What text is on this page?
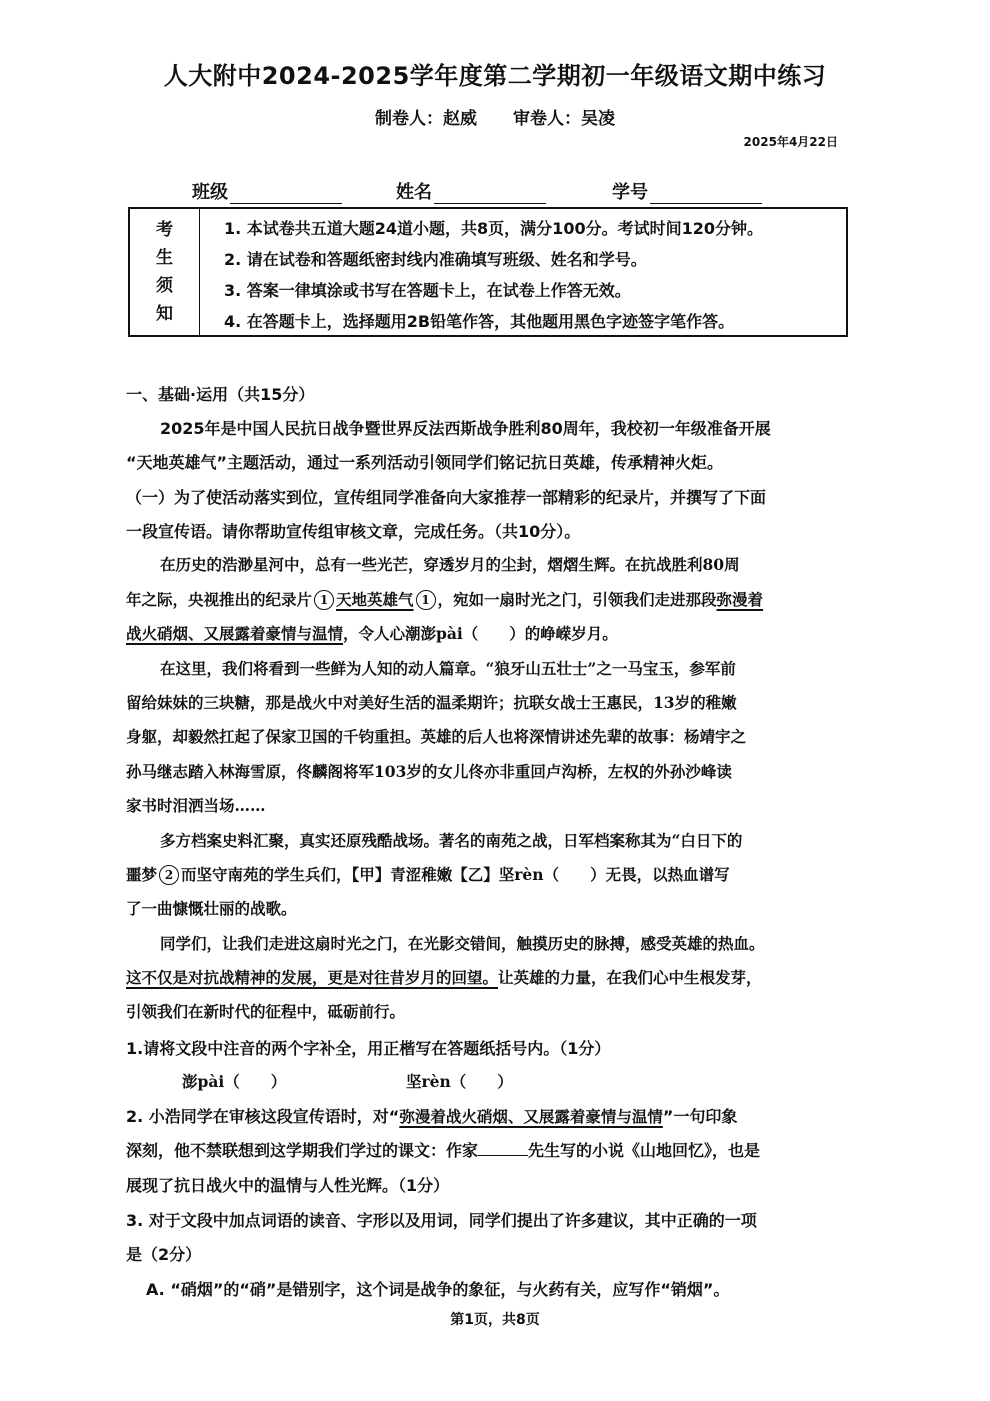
人大附中2024-2025学年度第二学期初一年级语文期中练习
制卷人：赵威 审卷人：吴凌
2025年4月22日
班级	姓名	学号
考
生
须
知
1. 本试卷共五道大题24道小题，共8页，满分100分。考试时间120分钟。
2. 请在试卷和答题纸密封线内准确填写班级、姓名和学号。
3. 答案一律填涂或书写在答题卡上，在试卷上作答无效。
4. 在答题卡上，选择题用2B铅笔作答，其他题用黑色字迹签字笔作答。
一、基础·运用（共15分）
2025年是中国人民抗日战争暨世界反法西斯战争胜利80周年，我校初一年级准备开展
“天地英雄气”主题活动，通过一系列活动引领同学们铭记抗日英雄，传承精神火炬。
（一）为了使活动落实到位，宣传组同学准备向大家推荐一部精彩的纪录片，并撰写了下面
一段宣传语。请你帮助宣传组审核文章，完成任务。（共10分）。
在历史的浩渺星河中，总有一些光芒，穿透岁月的尘封，熠熠生辉。在抗战胜利80周
年之际，央视推出的纪录片 1 天地英雄气 1 ，宛如一扇时光之门，引领我们走进那段弥漫着
战火硝烟、又展露着豪情与温情，令人心潮澎pài（　　）的峥嵘岁月。
在这里，我们将看到一些鲜为人知的动人篇章。“狼牙山五壮士”之一马宝玉，参军前
留给妹妹的三块糖，那是战火中对美好生活的温柔期许；抗联女战士王惠民，13岁的稚嫩
身躯，却毅然扛起了保家卫国的千钧重担。英雄的后人也将深情讲述先辈的故事：杨靖宇之
孙马继志踏入林海雪原，佟麟阁将军103岁的女儿佟亦非重回卢沟桥，左权的外孙沙峰读
家书时泪洒当场……
多方档案史料汇聚，真实还原残酷战场。著名的南苑之战，日军档案称其为“白日下的
噩梦 2 而坚守南苑的学生兵们，【甲】青涩稚嫩【乙】坚rèn（　　）无畏，以热血谱写
了一曲慷慨壮丽的战歌。
同学们，让我们走进这扇时光之门，在光影交错间，触摸历史的脉搏，感受英雄的热血。
这不仅是对抗战精神的发展，更是对往昔岁月的回望。让英雄的力量，在我们心中生根发芽，
引领我们在新时代的征程中，砥砺前行。
1.请将文段中注音的两个字补全，用正楷写在答题纸括号内。（1分）
澎pài（　　）	坚rèn（　　）
2. 小浩同学在审核这段宣传语时，对“弥漫着战火硝烟、又展露着豪情与温情”一句印象
深刻，他不禁联想到这学期我们学过的课文：作家	先生写的小说《山地回忆》，也是
展现了抗日战火中的温情与人性光辉。（1分）
3. 对于文段中加点词语的读音、字形以及用词，同学们提出了许多建议，其中正确的一项
是（2分）
A. “硝烟”的“硝”是错别字，这个词是战争的象征，与火药有关，应写作“销烟”。
第1页，共8页
